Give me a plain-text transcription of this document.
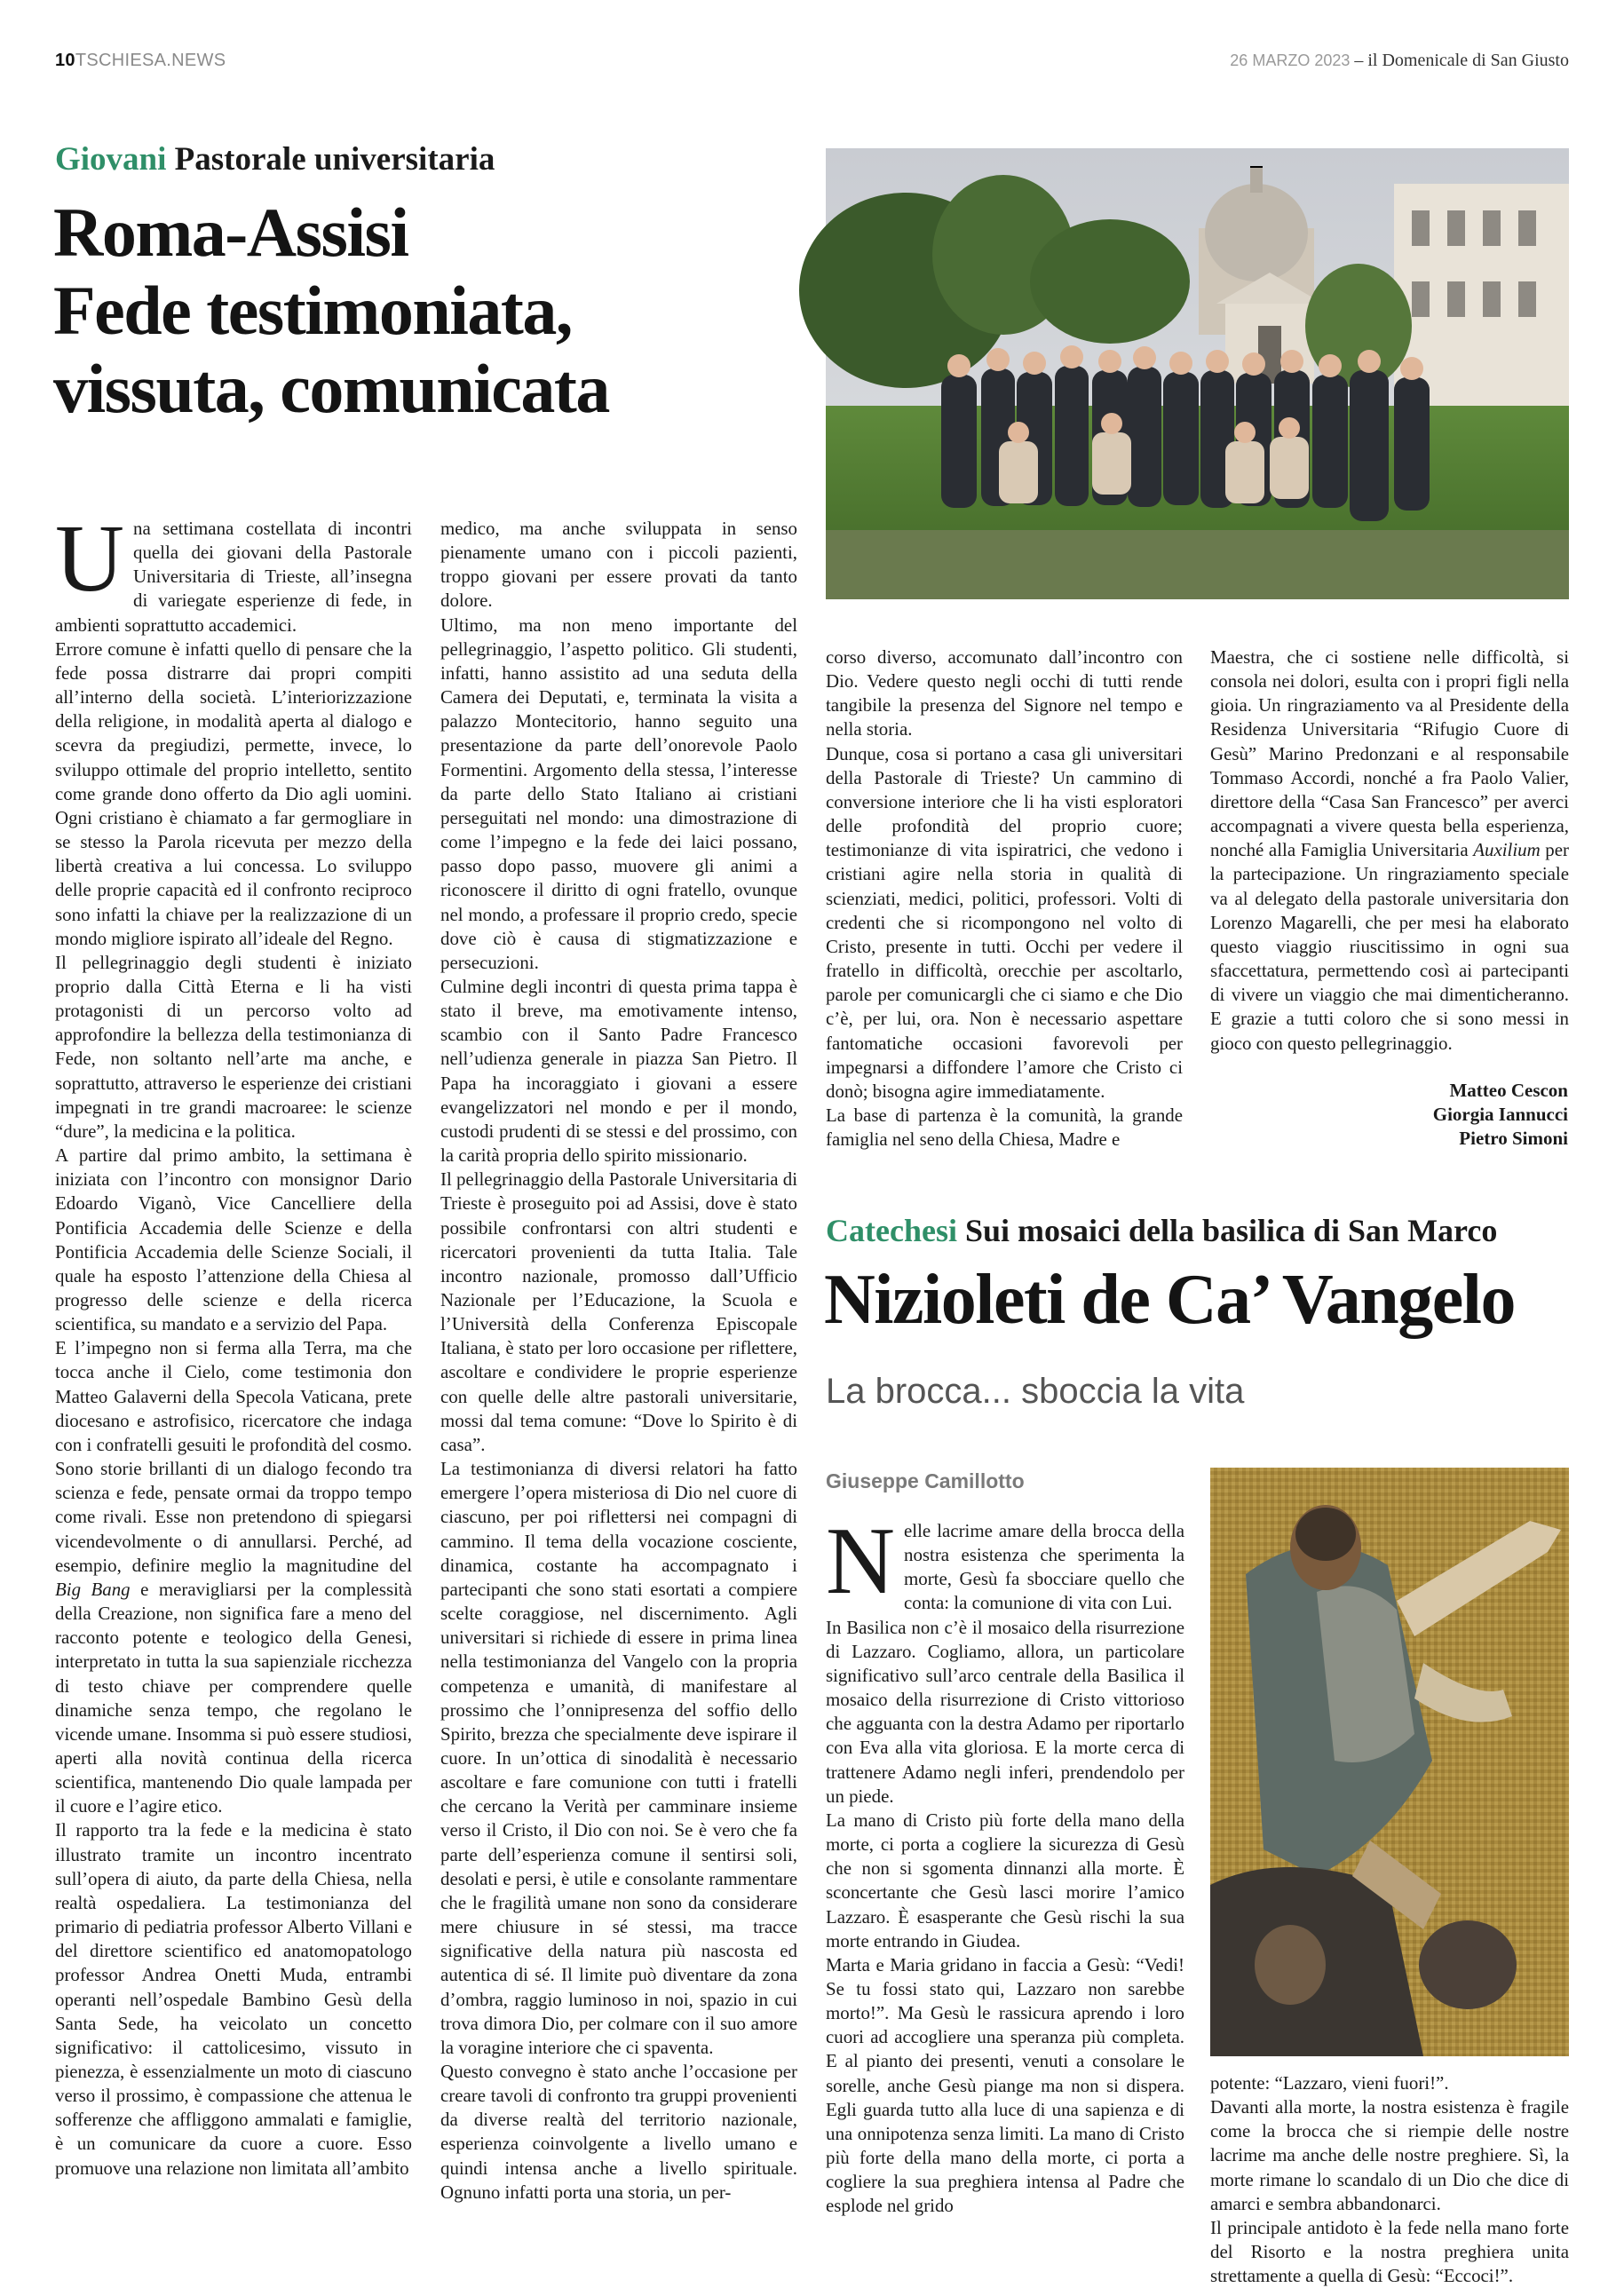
10TSCHIESA.NEWS	26 MARZO 2023 – il Domenicale di San Giusto
Giovani Pastorale universitaria
Roma-Assisi
Fede testimoniata,
vissuta, comunicata

Una settimana costellata di incontri quella dei giovani della Pastorale Universitaria di Trieste, all’insegna di variegate esperienze di fede, in ambienti soprattutto accademici.

Errore comune è infatti quello di pensare che la fede possa distrarre dai propri compiti all’interno della società. L’interiorizzazione della religione, in modalità aperta al dialogo e scevra da pregiudizi, permette, invece, lo sviluppo ottimale del proprio intelletto, sentito come grande dono offerto da Dio agli uomini. Ogni cristiano è chiamato a far germogliare in se stesso la Parola ricevuta per mezzo della libertà creativa a lui concessa. Lo sviluppo delle proprie capacità ed il confronto reciproco sono infatti la chiave per la realizzazione di un mondo migliore ispirato all’ideale del Regno.

Il pellegrinaggio degli studenti è iniziato proprio dalla Città Eterna e li ha visti protagonisti di un percorso volto ad approfondire la bellezza della testimonianza di Fede, non soltanto nell’arte ma anche, e soprattutto, attraverso le esperienze dei cristiani impegnati in tre grandi macroaree: le scienze “dure”, la medicina e la politica.

A partire dal primo ambito, la settimana è iniziata con l’incontro con monsignor Dario Edoardo Viganò, Vice Cancelliere della Pontificia Accademia delle Scienze e della Pontificia Accademia delle Scienze Sociali, il quale ha esposto l’attenzione della Chiesa al progresso delle scienze e della ricerca scientifica, su mandato e a servizio del Papa.

E l’impegno non si ferma alla Terra, ma che tocca anche il Cielo, come testimonia don Matteo Galaverni della Specola Vaticana, prete diocesano e astrofisico, ricercatore che indaga con i confratelli gesuiti le profondità del cosmo. Sono storie brillanti di un dialogo fecondo tra scienza e fede, pensate ormai da troppo tempo come rivali. Esse non pretendono di spiegarsi vicendevolmente o di annullarsi. Perché, ad esempio, definire meglio la magnitudine del Big Bang e meravigliarsi per la complessità della Creazione, non significa fare a meno del racconto potente e teologico della Genesi, interpretato in tutta la sua sapienziale ricchezza di testo chiave per comprendere quelle dinamiche senza tempo, che regolano le vicende umane. Insomma si può essere studiosi, aperti alla novità continua della ricerca scientifica, mantenendo Dio quale lampada per il cuore e l’agire etico.

Il rapporto tra la fede e la medicina è stato illustrato tramite un incontro incentrato sull’opera di aiuto, da parte della Chiesa, nella realtà ospedaliera. La testimonianza del primario di pediatria professor Alberto Villani e del direttore scientifico ed anatomopatologo professor Andrea Onetti Muda, entrambi operanti nell’ospedale Bambino Gesù della Santa Sede, ha veicolato un concetto significativo: il cattolicesimo, vissuto in pienezza, è essenzialmente un moto di ciascuno verso il prossimo, è compassione che attenua le sofferenze che affliggono ammalati e famiglie, è un comunicare da cuore a cuore. Esso promuove una relazione non limitata all’ambito

medico, ma anche sviluppata in senso pienamente umano con i piccoli pazienti, troppo giovani per essere provati da tanto dolore.

Ultimo, ma non meno importante del pellegrinaggio, l’aspetto politico. Gli studenti, infatti, hanno assistito ad una seduta della Camera dei Deputati, e, terminata la visita a palazzo Montecitorio, hanno seguito una presentazione da parte dell’onorevole Paolo Formentini. Argomento della stessa, l’interesse da parte dello Stato Italiano ai cristiani perseguitati nel mondo: una dimostrazione di come l’impegno e la fede dei laici possano, passo dopo passo, muovere gli animi a riconoscere il diritto di ogni fratello, ovunque nel mondo, a professare il proprio credo, specie dove ciò è causa di stigmatizzazione e persecuzioni.

Culmine degli incontri di questa prima tappa è stato il breve, ma emotivamente intenso, scambio con il Santo Padre Francesco nell’udienza generale in piazza San Pietro. Il Papa ha incoraggiato i giovani a essere evangelizzatori nel mondo e per il mondo, custodi prudenti di se stessi e del prossimo, con la carità propria dello spirito missionario.

Il pellegrinaggio della Pastorale Universitaria di Trieste è proseguito poi ad Assisi, dove è stato possibile confrontarsi con altri studenti e ricercatori provenienti da tutta Italia. Tale incontro nazionale, promosso dall’Ufficio Nazionale per l’Educazione, la Scuola e l’Università della Conferenza Episcopale Italiana, è stato per loro occasione per riflettere, ascoltare e condividere le proprie esperienze con quelle delle altre pastorali universitarie, mossi dal tema comune: “Dove lo Spirito è di casa”.

La testimonianza di diversi relatori ha fatto emergere l’opera misteriosa di Dio nel cuore di ciascuno, per poi riflettersi nei compagni di cammino. Il tema della vocazione cosciente, dinamica, costante ha accompagnato i partecipanti che sono stati esortati a compiere scelte coraggiose, nel discernimento. Agli universitari si richiede di essere in prima linea nella testimonianza del Vangelo con la propria competenza e umanità, di manifestare al prossimo che l’onnipresenza del soffio dello Spirito, brezza che specialmente deve ispirare il cuore. In un’ottica di sinodalità è necessario ascoltare e fare comunione con tutti i fratelli che cercano la Verità per camminare insieme verso il Cristo, il Dio con noi. Se è vero che fa parte dell’esperienza comune il sentirsi soli, desolati e persi, è utile e consolante rammentare che le fragilità umane non sono da considerare mere chiusure in sé stessi, ma tracce significative della natura più nascosta ed autentica di sé. Il limite può diventare da zona d’ombra, raggio luminoso in noi, spazio in cui trova dimora Dio, per colmare con il suo amore la voragine interiore che ci spaventa.

Questo convegno è stato anche l’occasione per creare tavoli di confronto tra gruppi provenienti da diverse realtà del territorio nazionale, esperienza coinvolgente a livello umano e quindi intensa anche a livello spirituale. Ognuno infatti porta una storia, un per-

corso diverso, accomunato dall’incontro con Dio. Vedere questo negli occhi di tutti rende tangibile la presenza del Signore nel tempo e nella storia.

Dunque, cosa si portano a casa gli universitari della Pastorale di Trieste? Un cammino di conversione interiore che li ha visti esploratori delle profondità del proprio cuore; testimonianze di vita ispiratrici, che vedono i cristiani agire nella storia in qualità di scienziati, medici, politici, professori. Volti di credenti che si ricompongono nel volto di Cristo, presente in tutti. Occhi per vedere il fratello in difficoltà, orecchie per ascoltarlo, parole per comunicargli che ci siamo e che Dio c’è, per lui, ora. Non è necessario aspettare fantomatiche occasioni favorevoli per impegnarsi a diffondere l’amore che Cristo ci donò; bisogna agire immediatamente.

La base di partenza è la comunità, la grande famiglia nel seno della Chiesa, Madre e

Maestra, che ci sostiene nelle difficoltà, si consola nei dolori, esulta con i propri figli nella gioia. Un ringraziamento va al Presidente della Residenza Universitaria “Rifugio Cuore di Gesù” Marino Predonzani e al responsabile Tommaso Accordi, nonché a fra Paolo Valier, direttore della “Casa San Francesco” per averci accompagnati a vivere questa bella esperienza, nonché alla Famiglia Universitaria Auxilium per la partecipazione. Un ringraziamento speciale va al delegato della pastorale universitaria don Lorenzo Magarelli, che per mesi ha elaborato questo viaggio riuscitissimo in ogni sua sfaccettatura, permettendo così ai partecipanti di vivere un viaggio che mai dimenticheranno. E grazie a tutti coloro che si sono messi in gioco con questo pellegrinaggio.

Matteo Cescon
Giorgia Iannucci
Pietro Simoni
Catechesi Sui mosaici della basilica di San Marco
Nizioleti de Ca’ Vangelo
La brocca... sboccia la vita
Giuseppe Camillotto

Nelle lacrime amare della brocca della nostra esistenza che sperimenta la morte, Gesù fa sbocciare quello che conta: la comunione di vita con Lui.

In Basilica non c’è il mosaico della risurrezione di Lazzaro. Cogliamo, allora, un particolare significativo sull’arco centrale della Basilica il mosaico della risurrezione di Cristo vittorioso che agguanta con la destra Adamo per riportarlo con Eva alla vita gloriosa. E la morte cerca di trattenere Adamo negli inferi, prendendolo per un piede.

La mano di Cristo più forte della mano della morte, ci porta a cogliere la sicurezza di Gesù che non si sgomenta dinnanzi alla morte. È sconcertante che Gesù lasci morire l’amico Lazzaro. È esasperante che Gesù rischi la sua morte entrando in Giudea.

Marta e Maria gridano in faccia a Gesù: “Vedi! Se tu fossi stato qui, Lazzaro non sarebbe morto!”. Ma Gesù le rassicura aprendo i loro cuori ad accogliere una speranza più completa. E al pianto dei presenti, venuti a consolare le sorelle, anche Gesù piange ma non si dispera. Egli guarda tutto alla luce di una sapienza e di una onnipotenza senza limiti. La mano di Cristo più forte della mano della morte, ci porta a cogliere la sua preghiera intensa al Padre che esplode nel grido

potente: “Lazzaro, vieni fuori!”.

Davanti alla morte, la nostra esistenza è fragile come la brocca che si riempie delle nostre lacrime ma anche delle nostre preghiere. Sì, la morte rimane lo scandalo di un Dio che dice di amarci e sembra abbandonarci.

Il principale antidoto è la fede nella mano forte del Risorto e la nostra preghiera unita strettamente a quella di Gesù: “Eccoci!”.
